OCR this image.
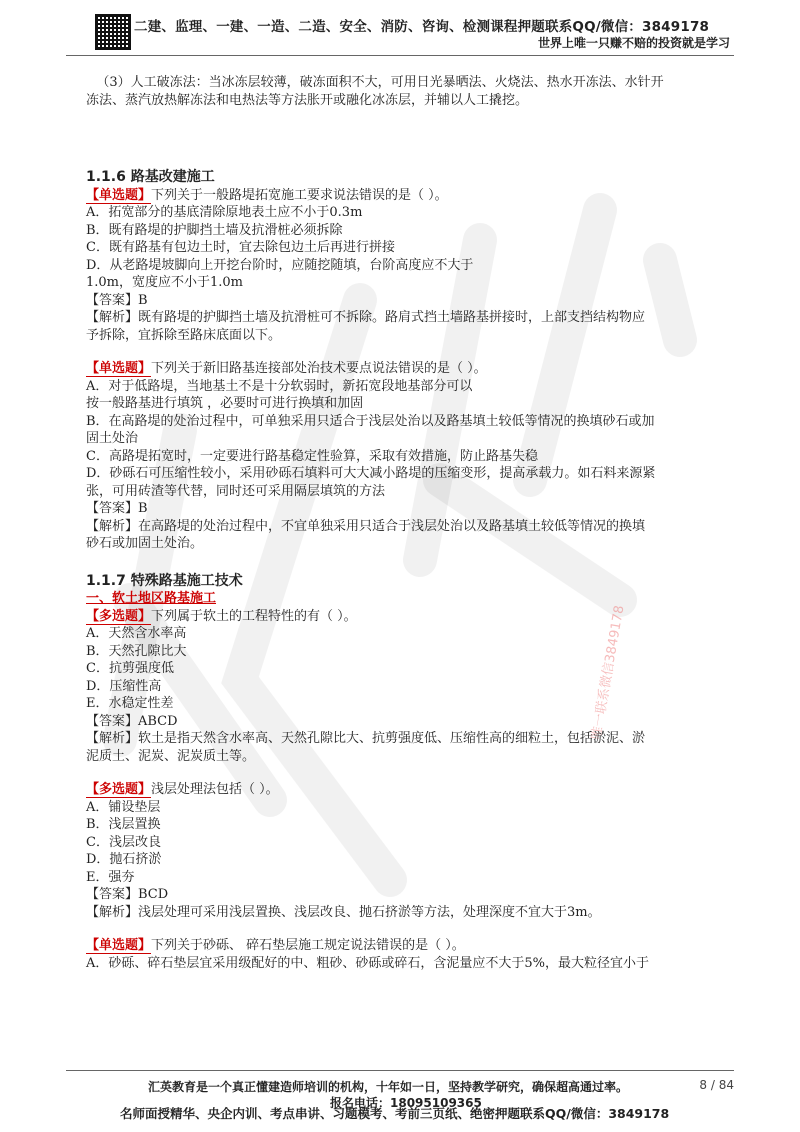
二建、监理、一建、一造、二造、安全、消防、咨询、检测课程押题联系QQ/微信：3849178
世界上唯一只赚不赔的投资就是学习
唯一联系微信3849178

（3）人工破冻法：当冰冻层较薄，破冻面积不大，可用日光暴晒法、火烧法、热水开冻法、水针开

冻法、蒸汽放热解冻法和电热法等方法胀开或融化冰冻层，并辅以人工撬挖。

1.1.6 路基改建施工

【单选题】下列关于一般路堤拓宽施工要求说法错误的是（ ）。

A．拓宽部分的基底清除原地表土应不小于0.3m

B．既有路堤的护脚挡土墙及抗滑桩必须拆除

C．既有路基有包边土时，宜去除包边土后再进行拼接

D．从老路堤坡脚向上开挖台阶时，应随挖随填，台阶高度应不大于

1.0m，宽度应不小于1.0m

【答案】B

【解析】既有路堤的护脚挡土墙及抗滑桩可不拆除。路肩式挡土墙路基拼接时，上部支挡结构物应

予拆除，宜拆除至路床底面以下。

【单选题】下列关于新旧路基连接部处治技术要点说法错误的是（ ）。

A．对于低路堤，当地基土不是十分软弱时，新拓宽段地基部分可以

按一般路基进行填筑 ，必要时可进行换填和加固

B．在高路堤的处治过程中，可单独采用只适合于浅层处治以及路基填土较低等情况的换填砂石或加

固土处治

C．高路堤拓宽时，一定要进行路基稳定性验算，采取有效措施，防止路基失稳

D．砂砾石可压缩性较小，采用砂砾石填料可大大减小路堤的压缩变形，提高承载力。如石料来源紧

张，可用砖渣等代替，同时还可采用隔层填筑的方法

【答案】B

【解析】在高路堤的处治过程中，不宜单独采用只适合于浅层处治以及路基填土较低等情况的换填

砂石或加固土处治。

1.1.7 特殊路基施工技术

一、软土地区路基施工

【多选题】下列属于软土的工程特性的有（ ）。

A．天然含水率高

B．天然孔隙比大

C．抗剪强度低

D．压缩性高

E．水稳定性差

【答案】ABCD

【解析】软土是指天然含水率高、天然孔隙比大、抗剪强度低、压缩性高的细粒土，包括淤泥、淤

泥质土、泥炭、泥炭质土等。

【多选题】浅层处理法包括（ ）。

A．铺设垫层

B．浅层置换

C．浅层改良

D．抛石挤淤

E．强夯

【答案】BCD

【解析】浅层处理可采用浅层置换、浅层改良、抛石挤淤等方法，处理深度不宜大于3m。

【单选题】下列关于砂砾、 碎石垫层施工规定说法错误的是（ ）。

A．砂砾、碎石垫层宜采用级配好的中、粗砂、砂砾或碎石，含泥量应不大于5%，最大粒径宜小于

汇英教育是一个真正懂建造师培训的机构，十年如一日，坚持教学研究，确保超高通过率。	8 / 84
报名电话：18095109365
名师面授精华、央企内训、考点串讲、习题模考、考前三页纸、绝密押题联系QQ/微信：3849178
